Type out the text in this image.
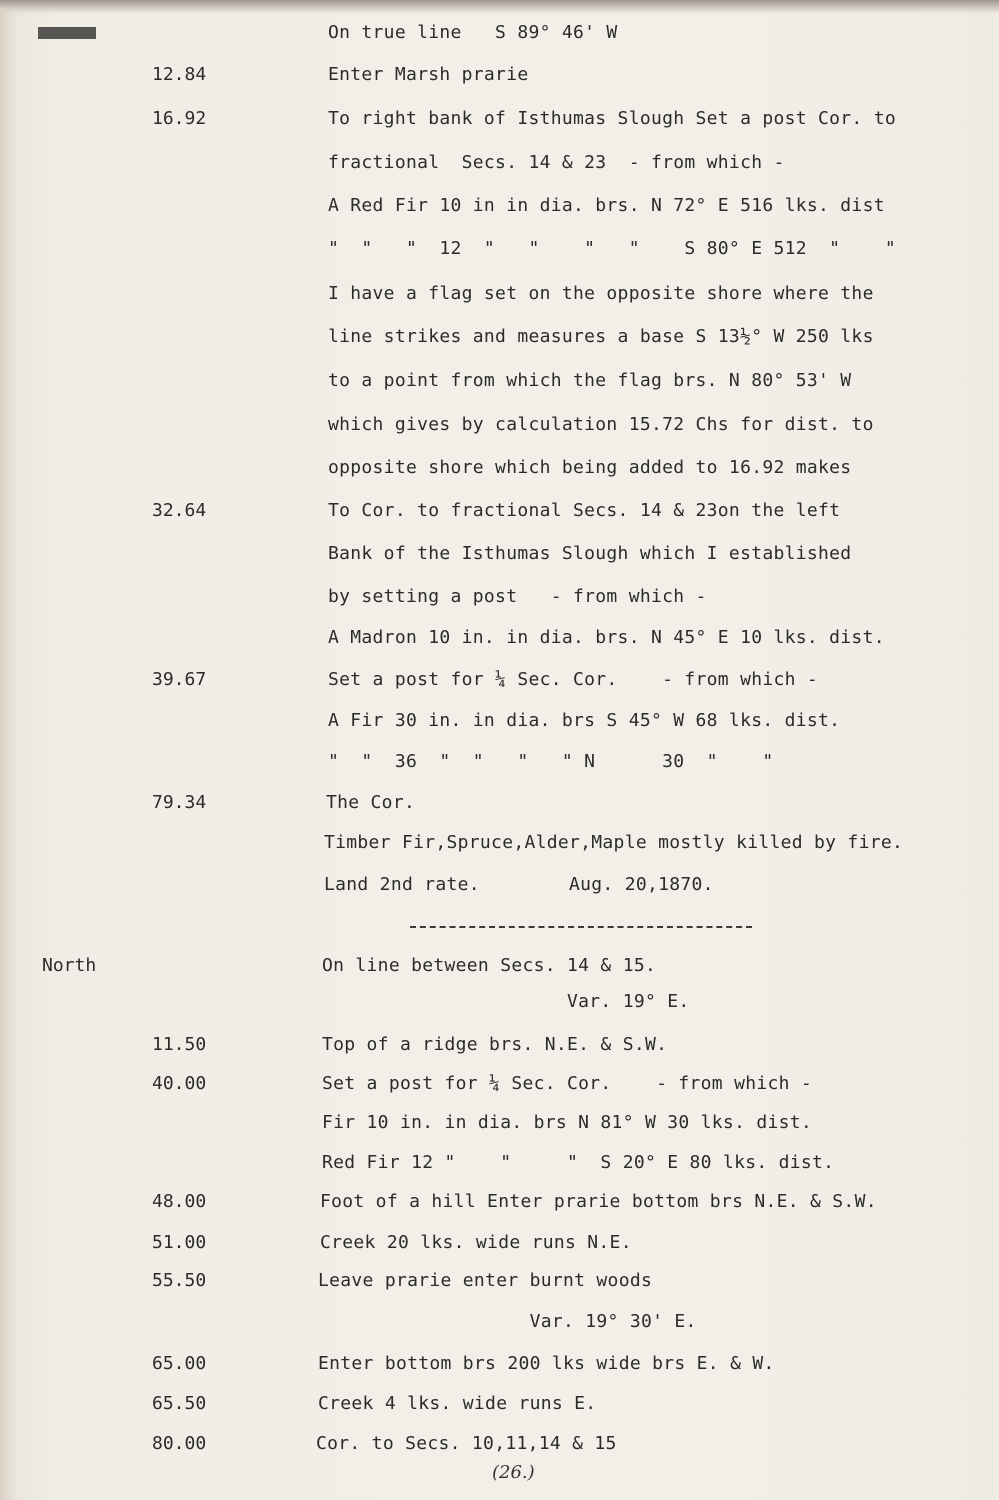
On true line   S 89° 46' W
12.84	Enter Marsh prarie
16.92	To right bank of Isthumas Slough Set a post Cor. to
fractional  Secs. 14 & 23  - from which -
A Red Fir 10 in in dia. brs. N 72° E 516 lks. dist
"  "   "  12  "   "    "   "    S 80° E 512  "    "
I have a flag set on the opposite shore where the
line strikes and measures a base S 13½° W 250 lks
to a point from which the flag brs. N 80° 53' W
which gives by calculation 15.72 Chs for dist. to
opposite shore which being added to 16.92 makes
32.64	To Cor. to fractional Secs. 14 & 23on the left
Bank of the Isthumas Slough which I established
by setting a post   - from which -
A Madron 10 in. in dia. brs. N 45° E 10 lks. dist.
39.67	Set a post for ¼ Sec. Cor.    - from which -
A Fir 30 in. in dia. brs S 45° W 68 lks. dist.
"  "  36  "  "   "   " N      30  "    "
79.34	The Cor.
Timber Fir,Spruce,Alder,Maple mostly killed by fire.
Land 2nd rate.        Aug. 20,1870.
North	On line between Secs. 14 & 15.
Var. 19° E.
11.50	Top of a ridge brs. N.E. & S.W.
40.00	Set a post for ¼ Sec. Cor.    - from which -
Fir 10 in. in dia. brs N 81° W 30 lks. dist.
Red Fir 12 "    "     "  S 20° E 80 lks. dist.
48.00	Foot of a hill Enter prarie bottom brs N.E. & S.W.
51.00	Creek 20 lks. wide runs N.E.
55.50	Leave prarie enter burnt woods
Var. 19° 30' E.
65.00	Enter bottom brs 200 lks wide brs E. & W.
65.50	Creek 4 lks. wide runs E.
80.00	Cor. to Secs. 10,11,14 & 15
(26.)
